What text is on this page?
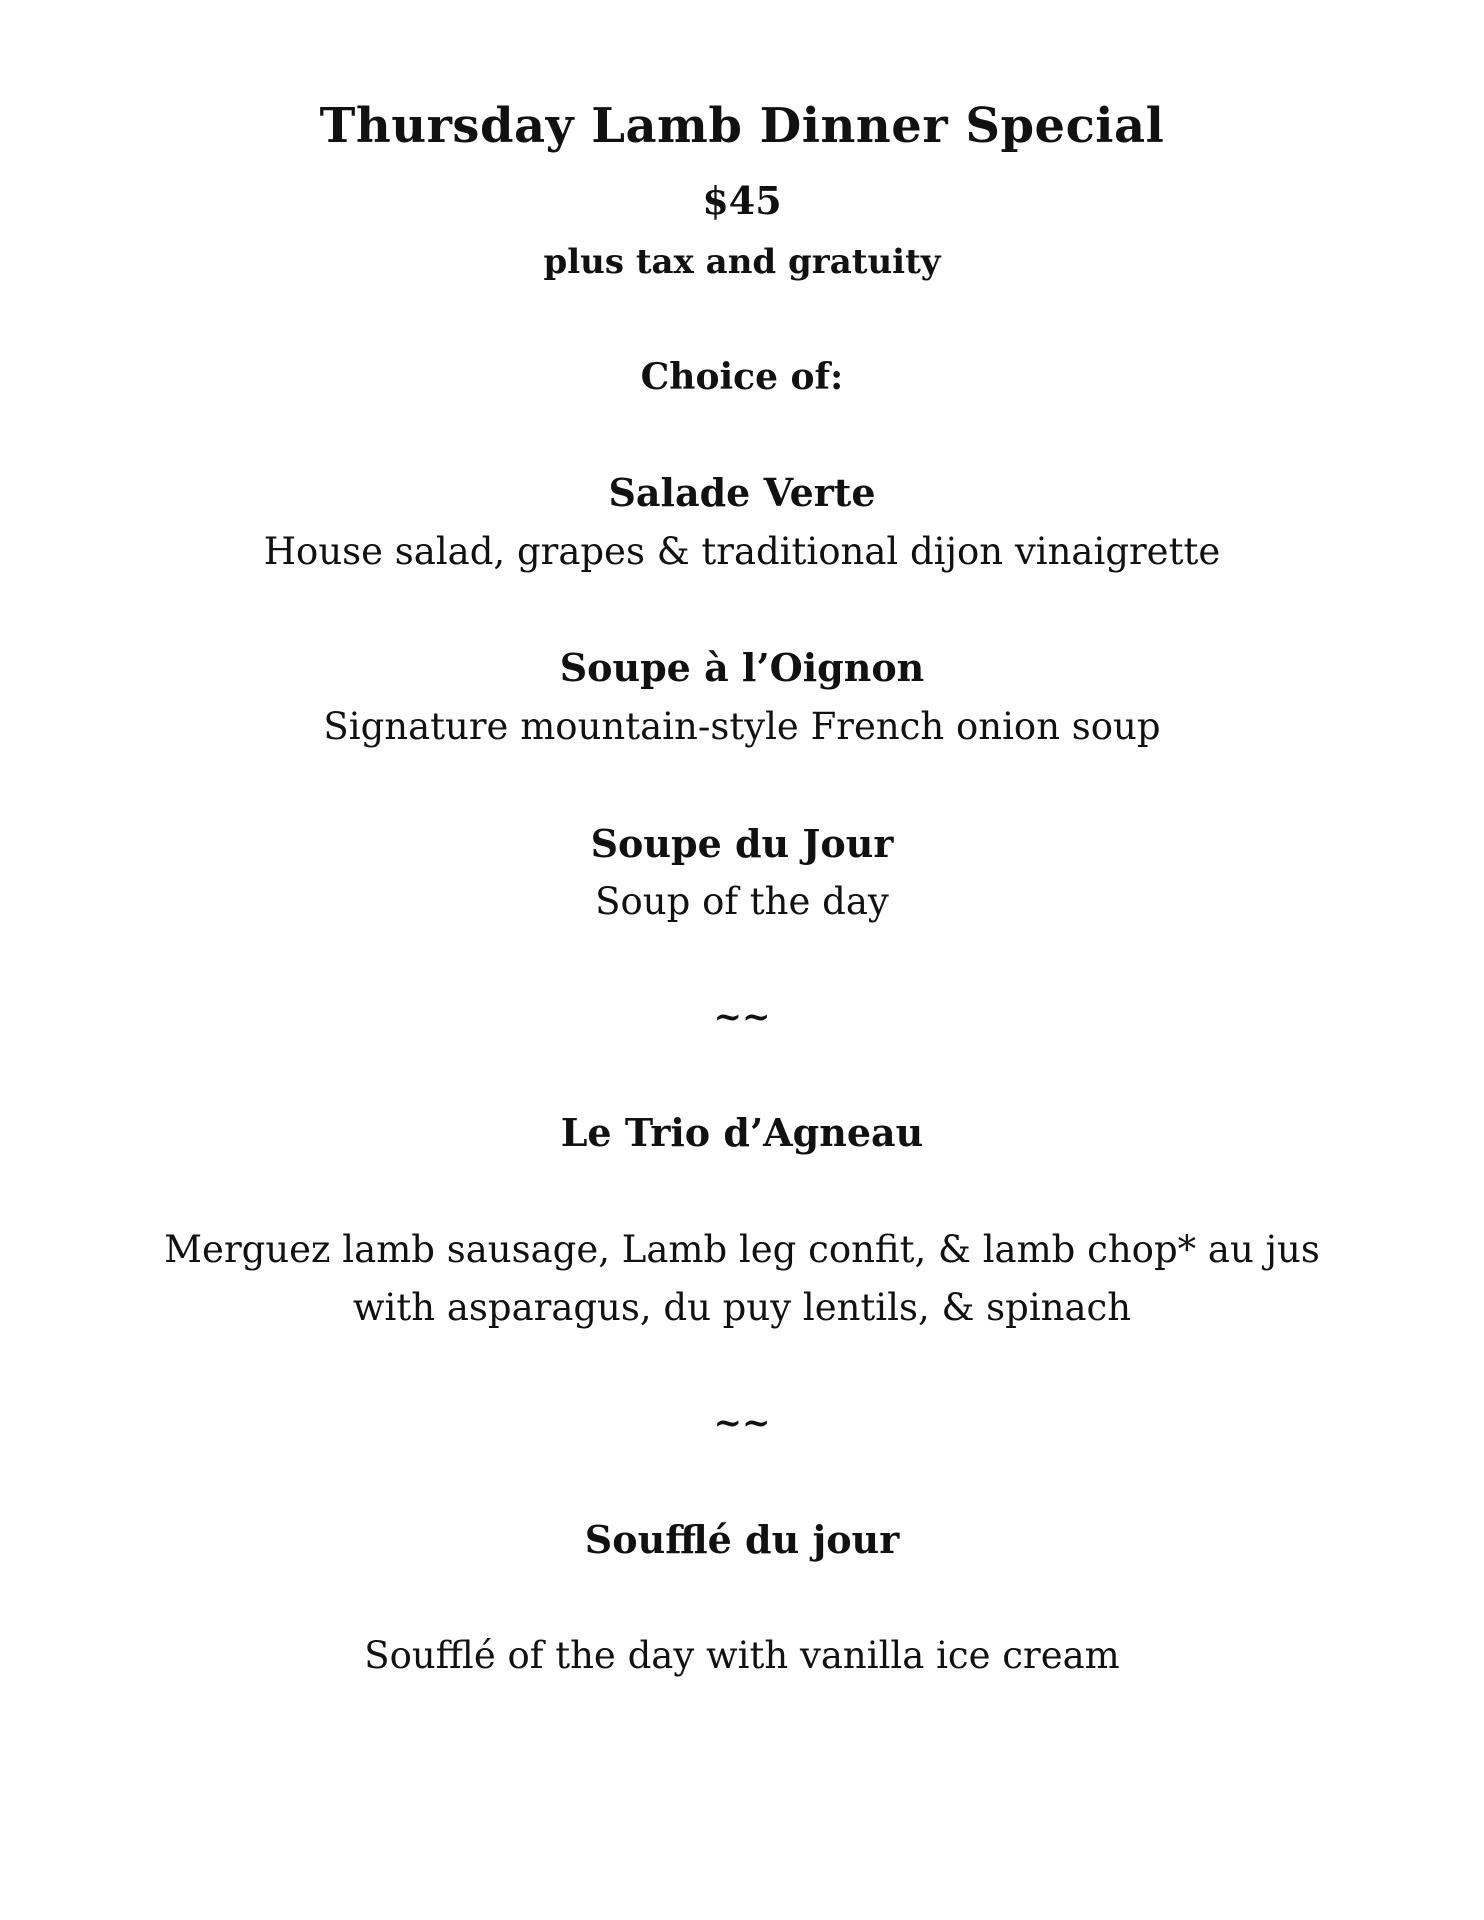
Thursday Lamb Dinner Special
$45
plus tax and gratuity
Choice of:
Salade Verte
House salad, grapes & traditional dijon vinaigrette
Soupe à l’Oignon
Signature mountain-style French onion soup
Soupe du Jour
Soup of the day
~~
Le Trio d’Agneau
Merguez lamb sausage, Lamb leg confit, & lamb chop* au jus
with asparagus, du puy lentils, & spinach
~~
Soufflé du jour
Soufflé of the day with vanilla ice cream
